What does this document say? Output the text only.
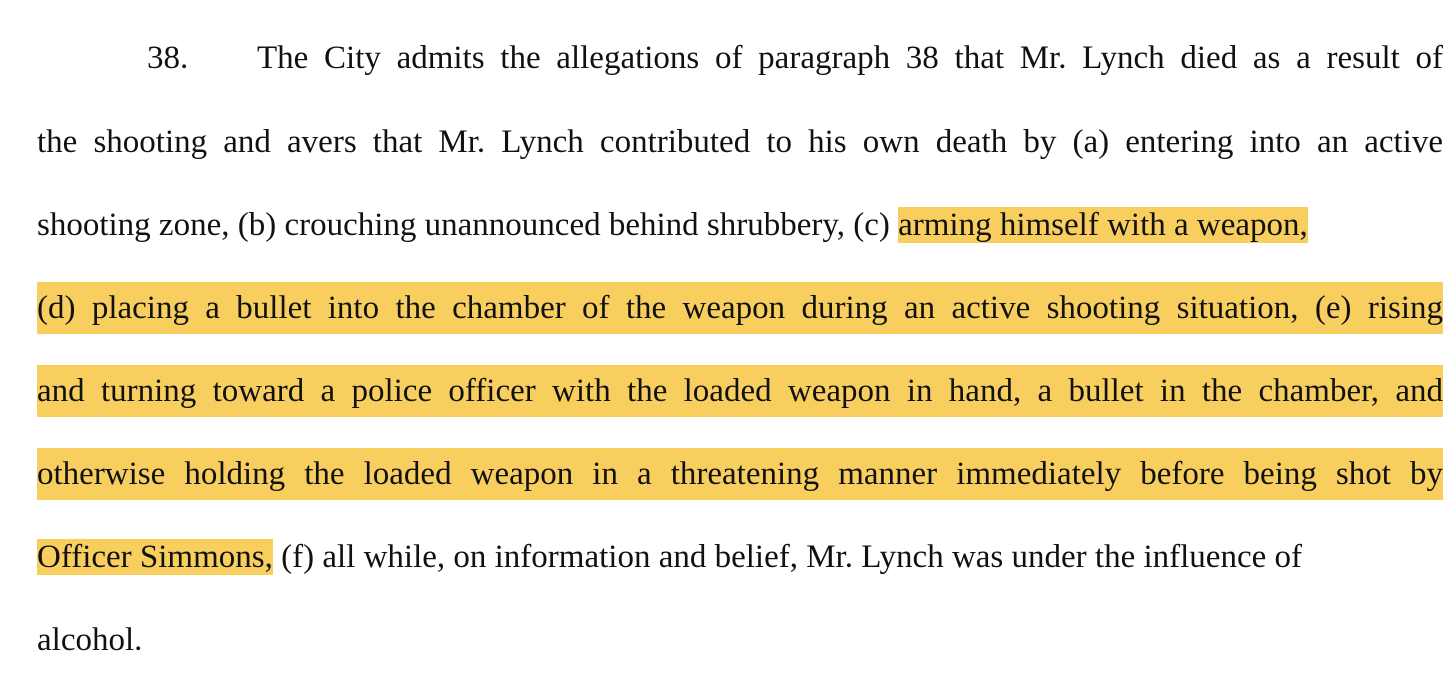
38. The City admits the allegations of paragraph 38 that Mr. Lynch died as a result of
the shooting and avers that Mr. Lynch contributed to his own death by (a) entering into an active
shooting zone, (b) crouching unannounced behind shrubbery, (c) arming himself with a weapon,
(d) placing a bullet into the chamber of the weapon during an active shooting situation, (e) rising
and turning toward a police officer with the loaded weapon in hand, a bullet in the chamber, and
otherwise holding the loaded weapon in a threatening manner immediately before being shot by
Officer Simmons, (f) all while, on information and belief, Mr. Lynch was under the influence of
alcohol.
